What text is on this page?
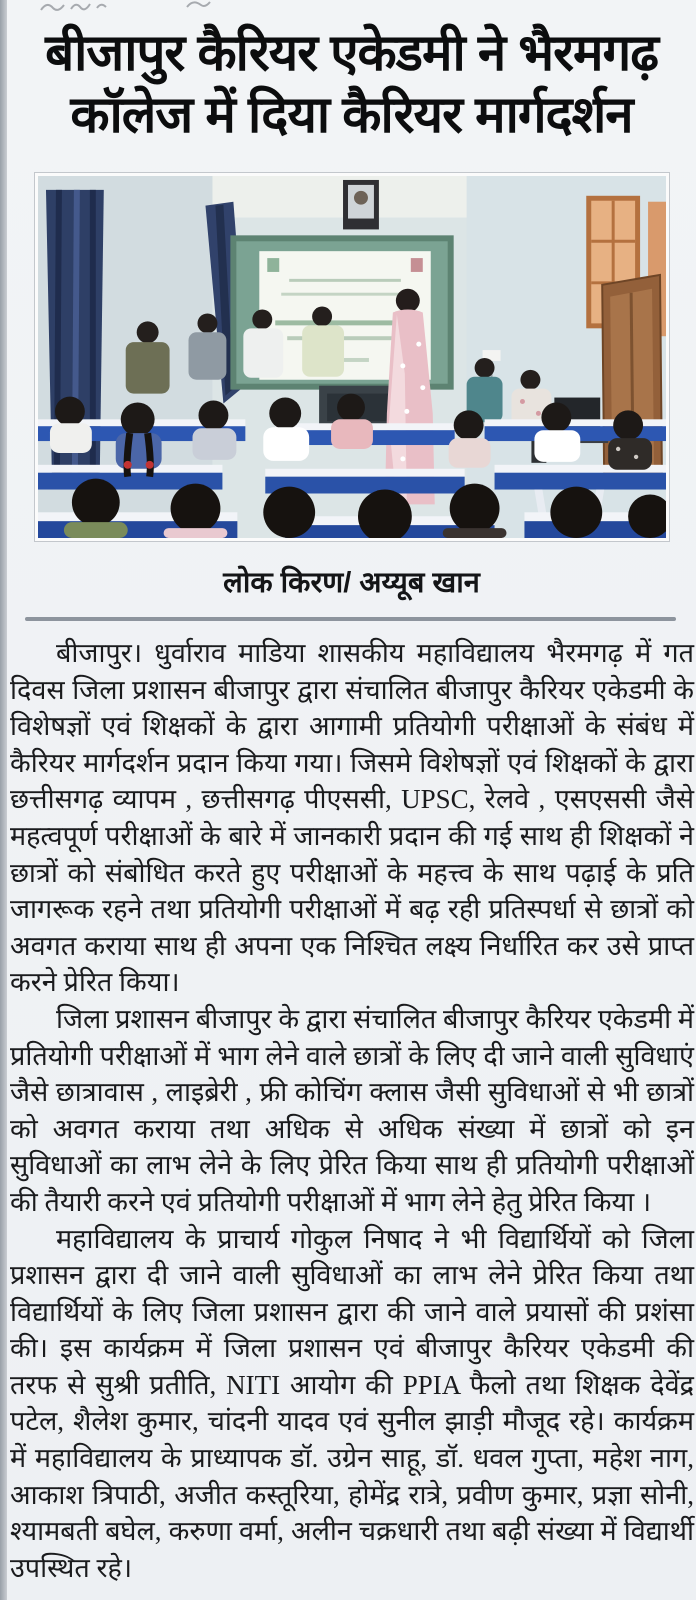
बीजापुर कैरियर एकेडमी ने भैरमगढ़
कॉलेज में दिया कैरियर मार्गदर्शन
लोक किरण/ अय्यूब खान

बीजापुर। धुर्वाराव माडिया शासकीय महाविद्यालय भैरमगढ़ में गत दिवस जिला प्रशासन बीजापुर द्वारा संचालित बीजापुर कैरियर एकेडमी के विशेषज्ञों एवं शिक्षकों के द्वारा आगामी प्रतियोगी परीक्षाओं के संबंध में कैरियर मार्गदर्शन प्रदान किया गया। जिसमे विशेषज्ञों एवं शिक्षकों के द्वारा छत्तीसगढ़ व्यापम , छत्तीसगढ़ पीएससी, UPSC, रेलवे , एसएससी जैसे महत्वपूर्ण परीक्षाओं के बारे में जानकारी प्रदान की गई साथ ही शिक्षकों ने छात्रों को संबोधित करते हुए परीक्षाओं के महत्त्व के साथ पढ़ाई के प्रति जागरूक रहने तथा प्रतियोगी परीक्षाओं में बढ़ रही प्रतिस्पर्धा से छात्रों को अवगत कराया साथ ही अपना एक निश्चित लक्ष्य निर्धारित कर उसे प्राप्त करने प्रेरित किया।

जिला प्रशासन बीजापुर के द्वारा संचालित बीजापुर कैरियर एकेडमी में प्रतियोगी परीक्षाओं में भाग लेने वाले छात्रों के लिए दी जाने वाली सुविधाएं जैसे छात्रावास , लाइब्रेरी , फ्री कोचिंग क्लास जैसी सुविधाओं से भी छात्रों को अवगत कराया तथा अधिक से अधिक संख्या में छात्रों को इन सुविधाओं का लाभ लेने के लिए प्रेरित किया साथ ही प्रतियोगी परीक्षाओं की तैयारी करने एवं प्रतियोगी परीक्षाओं में भाग लेने हेतु प्रेरित किया ।

महाविद्यालय के प्राचार्य गोकुल निषाद ने भी विद्यार्थियों को जिला प्रशासन द्वारा दी जाने वाली सुविधाओं का लाभ लेने प्रेरित किया तथा विद्यार्थियों के लिए जिला प्रशासन द्वारा की जाने वाले प्रयासों की प्रशंसा की। इस कार्यक्रम में जिला प्रशासन एवं बीजापुर कैरियर एकेडमी की तरफ से सुश्री प्रतीति, NITI आयोग की PPIA फैलो तथा शिक्षक देवेंद्र पटेल, शैलेश कुमार, चांदनी यादव एवं सुनील झाड़ी मौजूद रहे। कार्यक्रम में महाविद्यालय के प्राध्यापक डॉ. उग्रेन साहू, डॉ. धवल गुप्ता, महेश नाग, आकाश त्रिपाठी, अजीत कस्तूरिया, होमेंद्र रात्रे, प्रवीण कुमार, प्रज्ञा सोनी, श्यामबती बघेल, करुणा वर्मा, अलीन चक्रधारी तथा बढ़ी संख्या में विद्यार्थी उपस्थित रहे।
